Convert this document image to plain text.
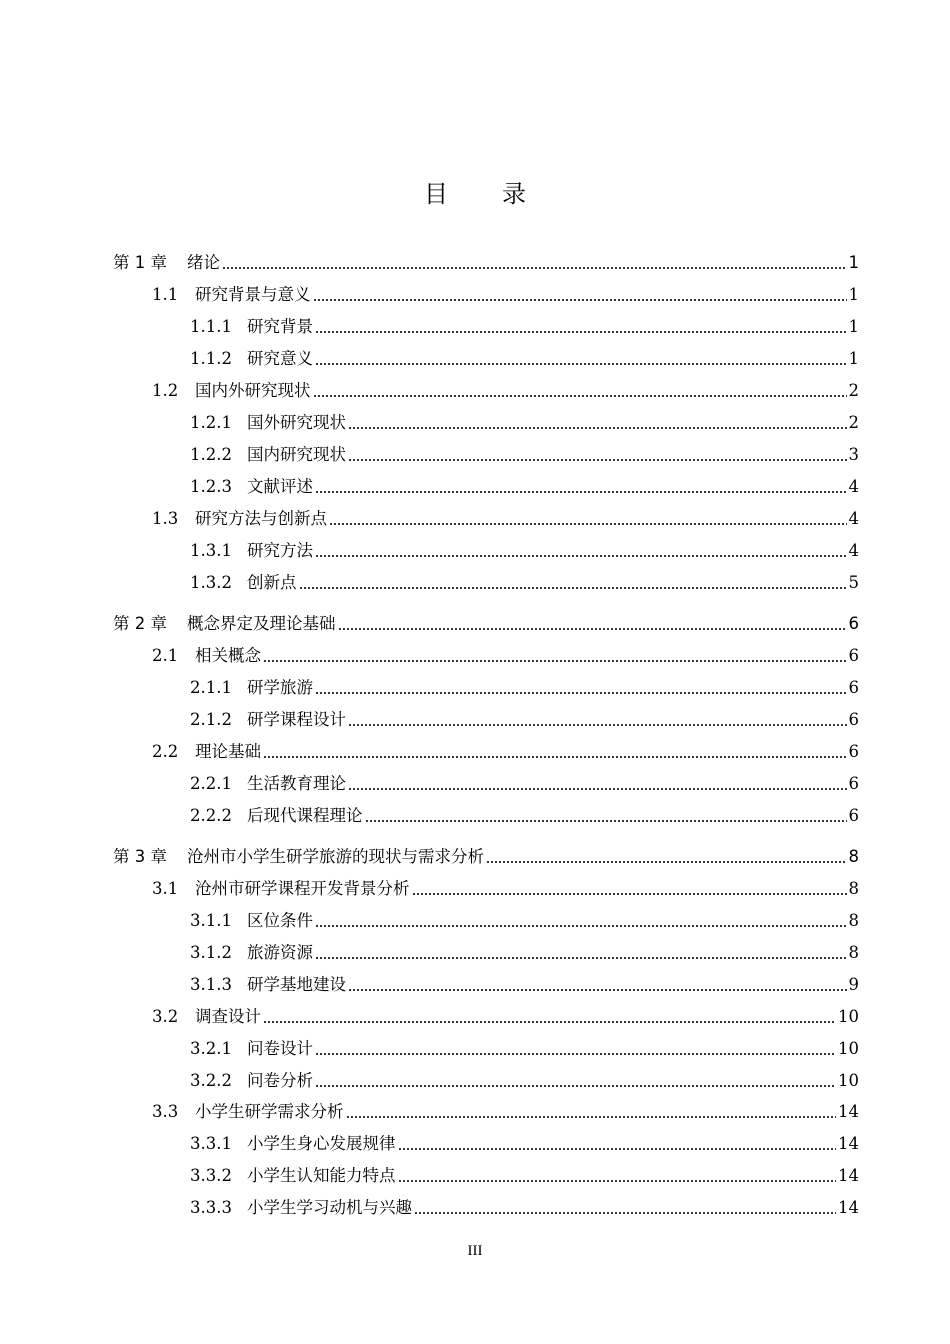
目录
第 1 章	绪论	1
1.1	研究背景与意义	1
1.1.1 研究背景	1
1.1.2 研究意义	1
1.2	国内外研究现状	2
1.2.1 国外研究现状	2
1.2.2 国内研究现状	3
1.2.3 文献评述	4
1.3	研究方法与创新点	4
1.3.1 研究方法	4
1.3.2 创新点	5
第 2 章	概念界定及理论基础	6
2.1	相关概念	6
2.1.1 研学旅游	6
2.1.2 研学课程设计	6
2.2	理论基础	6
2.2.1 生活教育理论	6
2.2.2 后现代课程理论	6
第 3 章	沧州市小学生研学旅游的现状与需求分析	8
3.1	沧州市研学课程开发背景分析	8
3.1.1 区位条件	8
3.1.2 旅游资源	8
3.1.3 研学基地建设	9
3.2	调查设计	10
3.2.1 问卷设计	10
3.2.2 问卷分析	10
3.3	小学生研学需求分析	14
3.3.1 小学生身心发展规律	14
3.3.2 小学生认知能力特点	14
3.3.3 小学生学习动机与兴趣	14
III
